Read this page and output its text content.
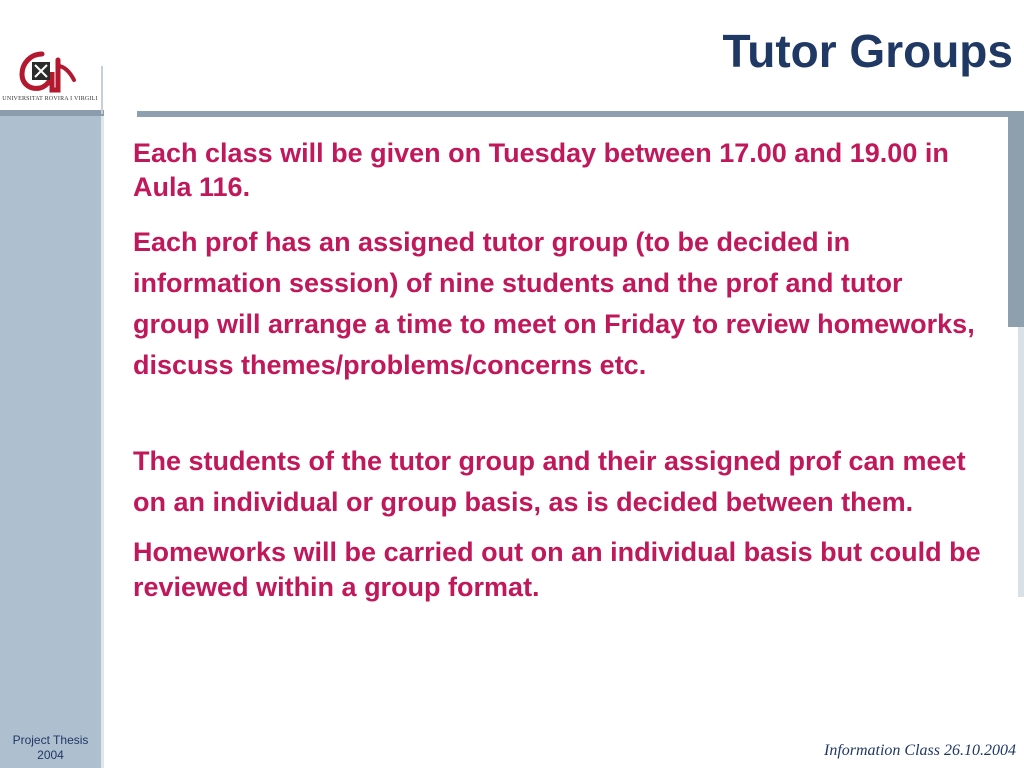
UNIVERSITAT ROVIRA I VIRGILI
Tutor Groups

Each class will be given on Tuesday between 17.00 and 19.00 in Aula 116.

Each prof has an assigned tutor group (to be decided in information session) of nine students and the prof and tutor group will arrange a time to meet on Friday to review homeworks, discuss themes/problems/concerns etc.

The students of the tutor group and their assigned prof can meet on an individual or group basis, as is decided between them.

Homeworks will be carried out on an individual basis but could be reviewed within a group format.

Project Thesis
2004	Information Class 26.10.2004
